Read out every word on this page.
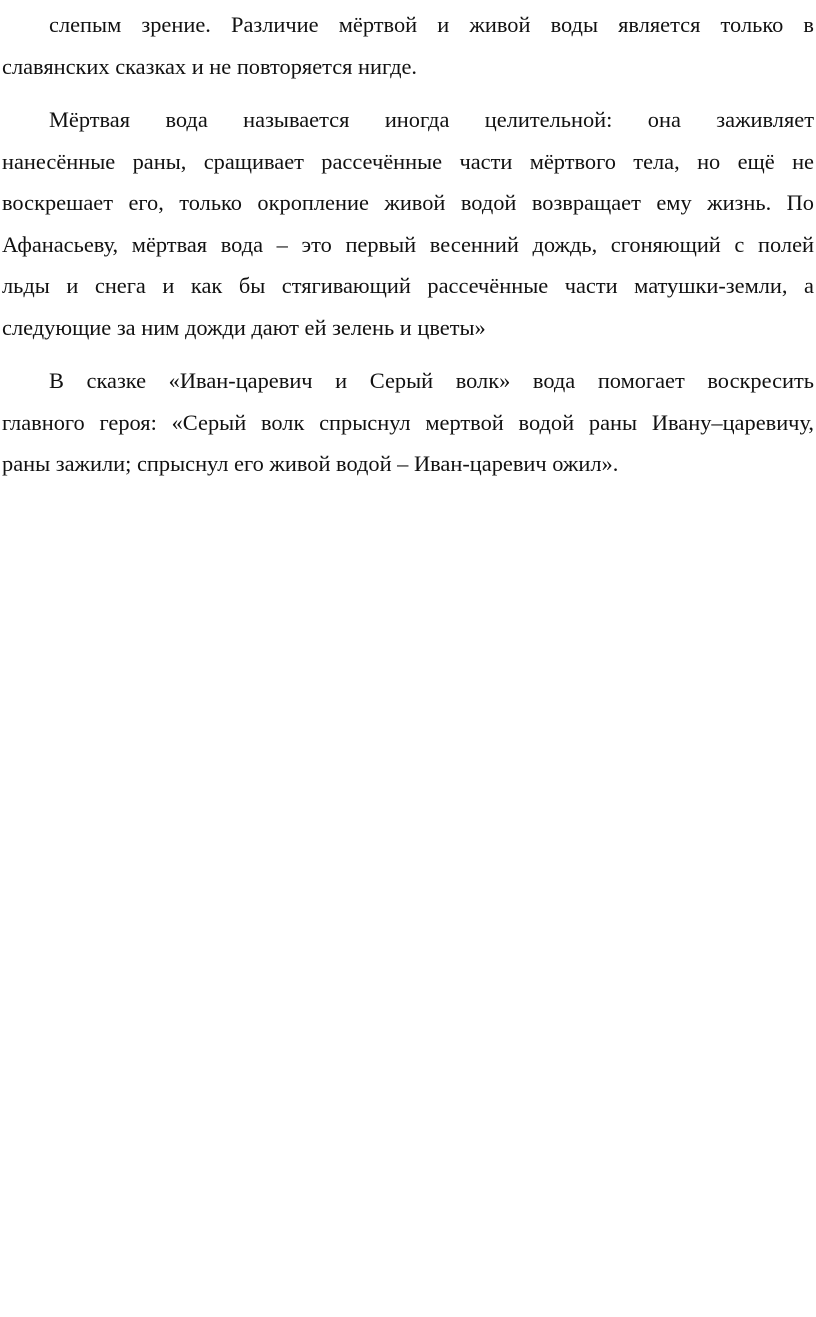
слепым зрение. Различие мёртвой и живой воды является только в
славянских сказках и не повторяется нигде.
Мёртвая вода называется иногда целительной: она заживляет
нанесённые раны, сращивает рассечённые части мёртвого тела, но ещё не
воскрешает его, только окропление живой водой возвращает ему жизнь. По
Афанасьеву, мёртвая вода – это первый весенний дождь, сгоняющий с полей
льды и снега и как бы стягивающий рассечённые части матушки-земли, а
следующие за ним дожди дают ей зелень и цветы»
В сказке «Иван-царевич и Серый волк» вода помогает воскресить
главного героя: «Серый волк спрыснул мертвой водой раны Ивану–царевичу,
раны зажили; спрыснул его живой водой – Иван-царевич ожил».
